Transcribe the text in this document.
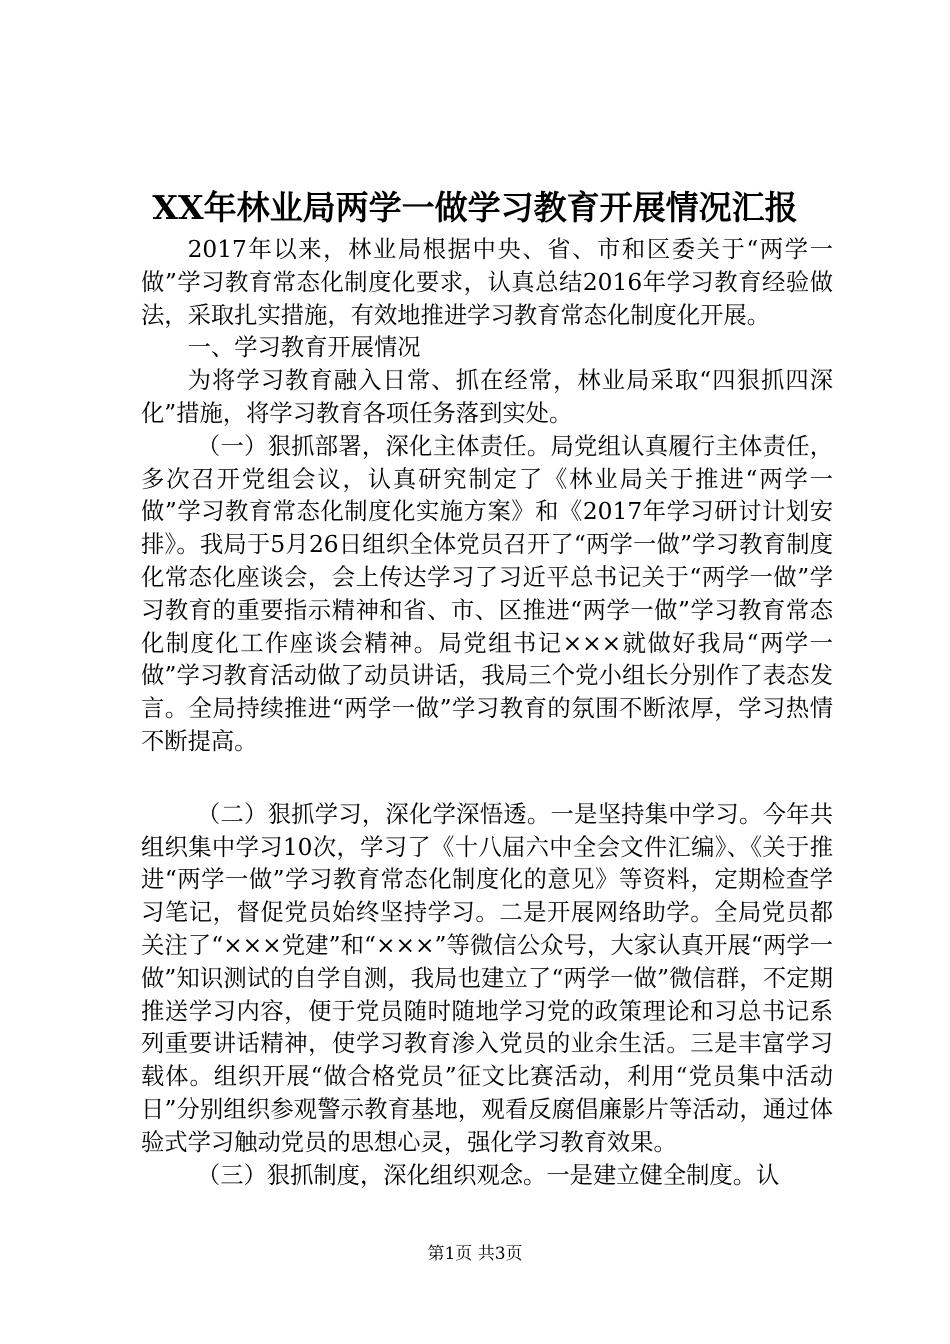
XX年林业局两学一做学习教育开展情况汇报

2017年以来，林业局根据中央、省、市和区委关于“两学一做”学习教育常态化制度化要求，认真总结2016年学习教育经验做法，采取扎实措施，有效地推进学习教育常态化制度化开展。

一、学习教育开展情况

为将学习教育融入日常、抓在经常，林业局采取“四狠抓四深化”措施，将学习教育各项任务落到实处。

（一）狠抓部署，深化主体责任。局党组认真履行主体责任，多次召开党组会议，认真研究制定了《林业局关于推进“两学一做”学习教育常态化制度化实施方案》和《2017年学习研讨计划安排》。我局于5月26日组织全体党员召开了“两学一做”学习教育制度化常态化座谈会，会上传达学习了习近平总书记关于“两学一做”学习教育的重要指示精神和省、市、区推进“两学一做”学习教育常态化制度化工作座谈会精神。局党组书记×××就做好我局“两学一做”学习教育活动做了动员讲话，我局三个党小组长分别作了表态发言。全局持续推进“两学一做”学习教育的氛围不断浓厚，学习热情不断提高。

（二）狠抓学习，深化学深悟透。一是坚持集中学习。今年共组织集中学习10次，学习了《十八届六中全会文件汇编》、《关于推进“两学一做”学习教育常态化制度化的意见》等资料，定期检查学习笔记，督促党员始终坚持学习。二是开展网络助学。全局党员都关注了“×××党建”和“×××”等微信公众号，大家认真开展“两学一做”知识测试的自学自测，我局也建立了“两学一做”微信群，不定期推送学习内容，便于党员随时随地学习党的政策理论和习总书记系列重要讲话精神，使学习教育渗入党员的业余生活。三是丰富学习载体。组织开展“做合格党员”征文比赛活动，利用“党员集中活动日”分别组织参观警示教育基地，观看反腐倡廉影片等活动，通过体验式学习触动党员的思想心灵，强化学习教育效果。

（三）狠抓制度，深化组织观念。一是建立健全制度。认

第1页 共3页
